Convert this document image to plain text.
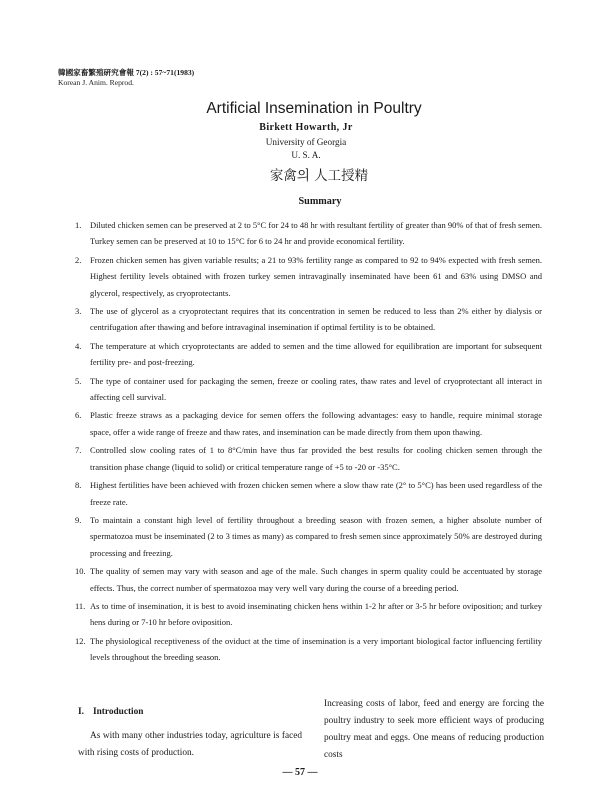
韓國家畜繁殖硏究會報 7(2) : 57~71(1983)
Korean J. Anim. Reprod.
Artificial Insemination in Poultry
Birkett Howarth, Jr
University of Georgia
U. S. A.
家禽의 人工授精
Summary
1. Diluted chicken semen can be preserved at 2 to 5°C for 24 to 48 hr with resultant fertility of greater than 90% of that of fresh semen. Turkey semen can be preserved at 10 to 15°C for 6 to 24 hr and provide economical fertility.
2. Frozen chicken semen has given variable results; a 21 to 93% fertility range as compared to 92 to 94% expected with fresh semen. Highest fertility levels obtained with frozen turkey semen intravaginally inseminated have been 61 and 63% using DMSO and glycerol, respectively, as cryoprotectants.
3. The use of glycerol as a cryoprotectant requires that its concentration in semen be reduced to less than 2% either by dialysis or centrifugation after thawing and before intravaginal insemination if optimal fertility is to be obtained.
4. The temperature at which cryoprotectants are added to semen and the time allowed for equilibration are important for subsequent fertility pre- and post-freezing.
5. The type of container used for packaging the semen, freeze or cooling rates, thaw rates and level of cryoprotectant all interact in affecting cell survival.
6. Plastic freeze straws as a packaging device for semen offers the following advantages: easy to handle, require minimal storage space, offer a wide range of freeze and thaw rates, and insemination can be made directly from them upon thawing.
7. Controlled slow cooling rates of 1 to 8°C/min have thus far provided the best results for cooling chicken semen through the transition phase change (liquid to solid) or critical temperature range of +5 to -20 or -35°C.
8. Highest fertilities have been achieved with frozen chicken semen where a slow thaw rate (2° to 5°C) has been used regardless of the freeze rate.
9. To maintain a constant high level of fertility throughout a breeding season with frozen semen, a higher absolute number of spermatozoa must be inseminated (2 to 3 times as many) as compared to fresh semen since approximately 50% are destroyed during processing and freezing.
10. The quality of semen may vary with season and age of the male. Such changes in sperm quality could be accentuated by storage effects. Thus, the correct number of spermatozoa may very well vary during the course of a breeding period.
11. As to time of insemination, it is best to avoid inseminating chicken hens within 1-2 hr after or 3-5 hr before oviposition; and turkey hens during or 7-10 hr before oviposition.
12. The physiological receptiveness of the oviduct at the time of insemination is a very important biological factor influencing fertility levels throughout the breeding season.
I. Introduction
As with many other industries today, agriculture is faced with rising costs of production.
Increasing costs of labor, feed and energy are forcing the poultry industry to seek more efficient ways of producing poultry meat and eggs. One means of reducing production costs
— 57 —
